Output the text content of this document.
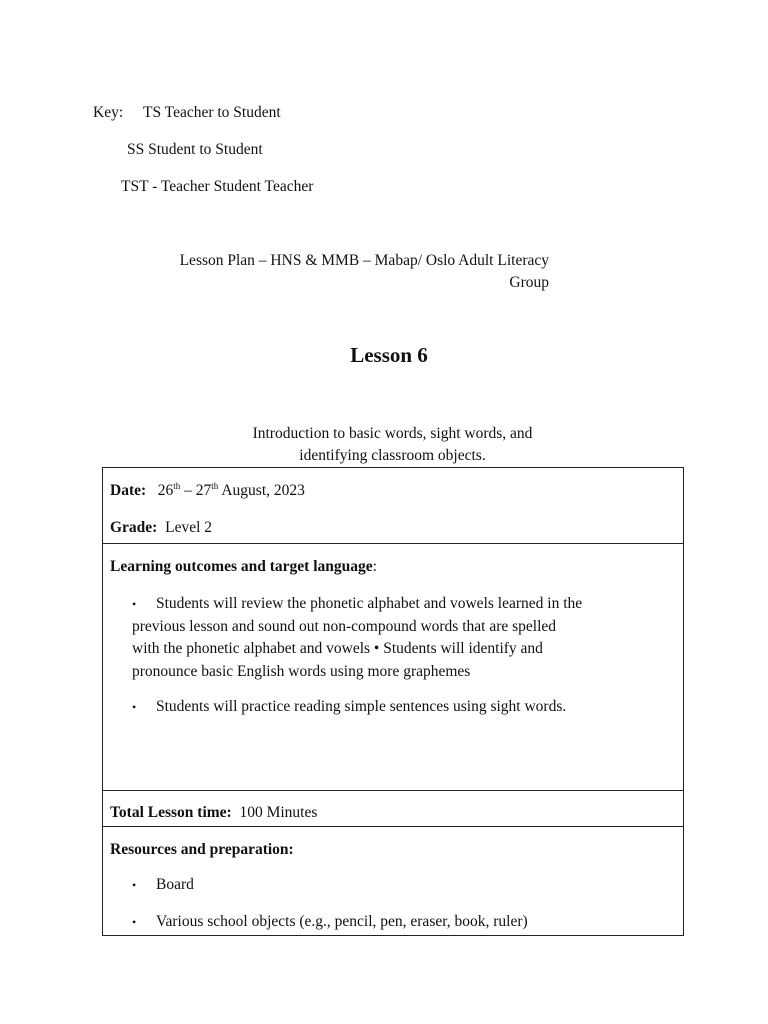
Key: TS Teacher to Student
SS Student to Student
TST - Teacher Student Teacher
Lesson Plan – HNS & MMB – Mabap/ Oslo Adult Literacy
Group
Lesson 6
Introduction to basic words, sight words, and
identifying classroom objects.
Date: 26th – 27th August, 2023
Grade: Level 2
Learning outcomes and target language:
• Students will review the phonetic alphabet and vowels learned in the
previous lesson and sound out non-compound words that are spelled
with the phonetic alphabet and vowels • Students will identify and
pronounce basic English words using more graphemes
• Students will practice reading simple sentences using sight words.
Total Lesson time: 100 Minutes
Resources and preparation:
• Board
• Various school objects (e.g., pencil, pen, eraser, book, ruler)
